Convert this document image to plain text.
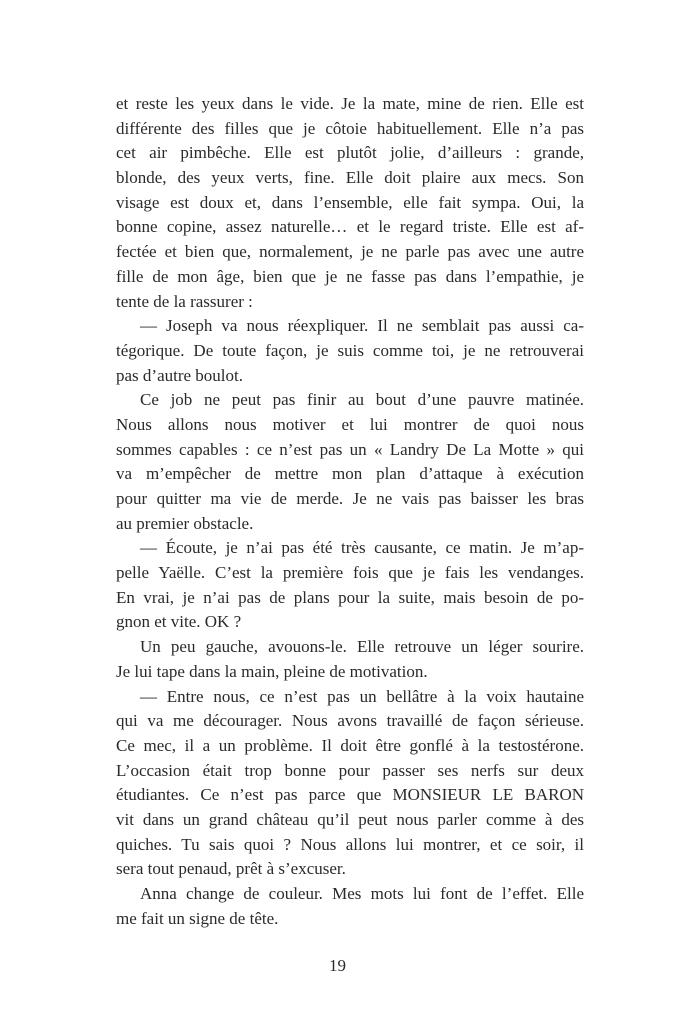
et reste les yeux dans le vide. Je la mate, mine de rien. Elle est
différente des filles que je côtoie habituellement. Elle n’a pas
cet air pimbêche. Elle est plutôt jolie, d’ailleurs : grande,
blonde, des yeux verts, fine. Elle doit plaire aux mecs. Son
visage est doux et, dans l’ensemble, elle fait sympa. Oui, la
bonne copine, assez naturelle… et le regard triste. Elle est af-
fectée et bien que, normalement, je ne parle pas avec une autre
fille de mon âge, bien que je ne fasse pas dans l’empathie, je
tente de la rassurer :
— Joseph va nous réexpliquer. Il ne semblait pas aussi ca-
tégorique. De toute façon, je suis comme toi, je ne retrouverai
pas d’autre boulot.
Ce job ne peut pas finir au bout d’une pauvre matinée.
Nous allons nous motiver et lui montrer de quoi nous
sommes capables : ce n’est pas un « Landry De La Motte » qui
va m’empêcher de mettre mon plan d’attaque à exécution
pour quitter ma vie de merde. Je ne vais pas baisser les bras
au premier obstacle.
— Écoute, je n’ai pas été très causante, ce matin. Je m’ap-
pelle Yaëlle. C’est la première fois que je fais les vendanges.
En vrai, je n’ai pas de plans pour la suite, mais besoin de po-
gnon et vite. OK ?
Un peu gauche, avouons-le. Elle retrouve un léger sourire.
Je lui tape dans la main, pleine de motivation.
— Entre nous, ce n’est pas un bellâtre à la voix hautaine
qui va me décourager. Nous avons travaillé de façon sérieuse.
Ce mec, il a un problème. Il doit être gonflé à la testostérone.
L’occasion était trop bonne pour passer ses nerfs sur deux
étudiantes. Ce n’est pas parce que MONSIEUR LE BARON
vit dans un grand château qu’il peut nous parler comme à des
quiches. Tu sais quoi ? Nous allons lui montrer, et ce soir, il
sera tout penaud, prêt à s’excuser.
Anna change de couleur. Mes mots lui font de l’effet. Elle
me fait un signe de tête.
19
